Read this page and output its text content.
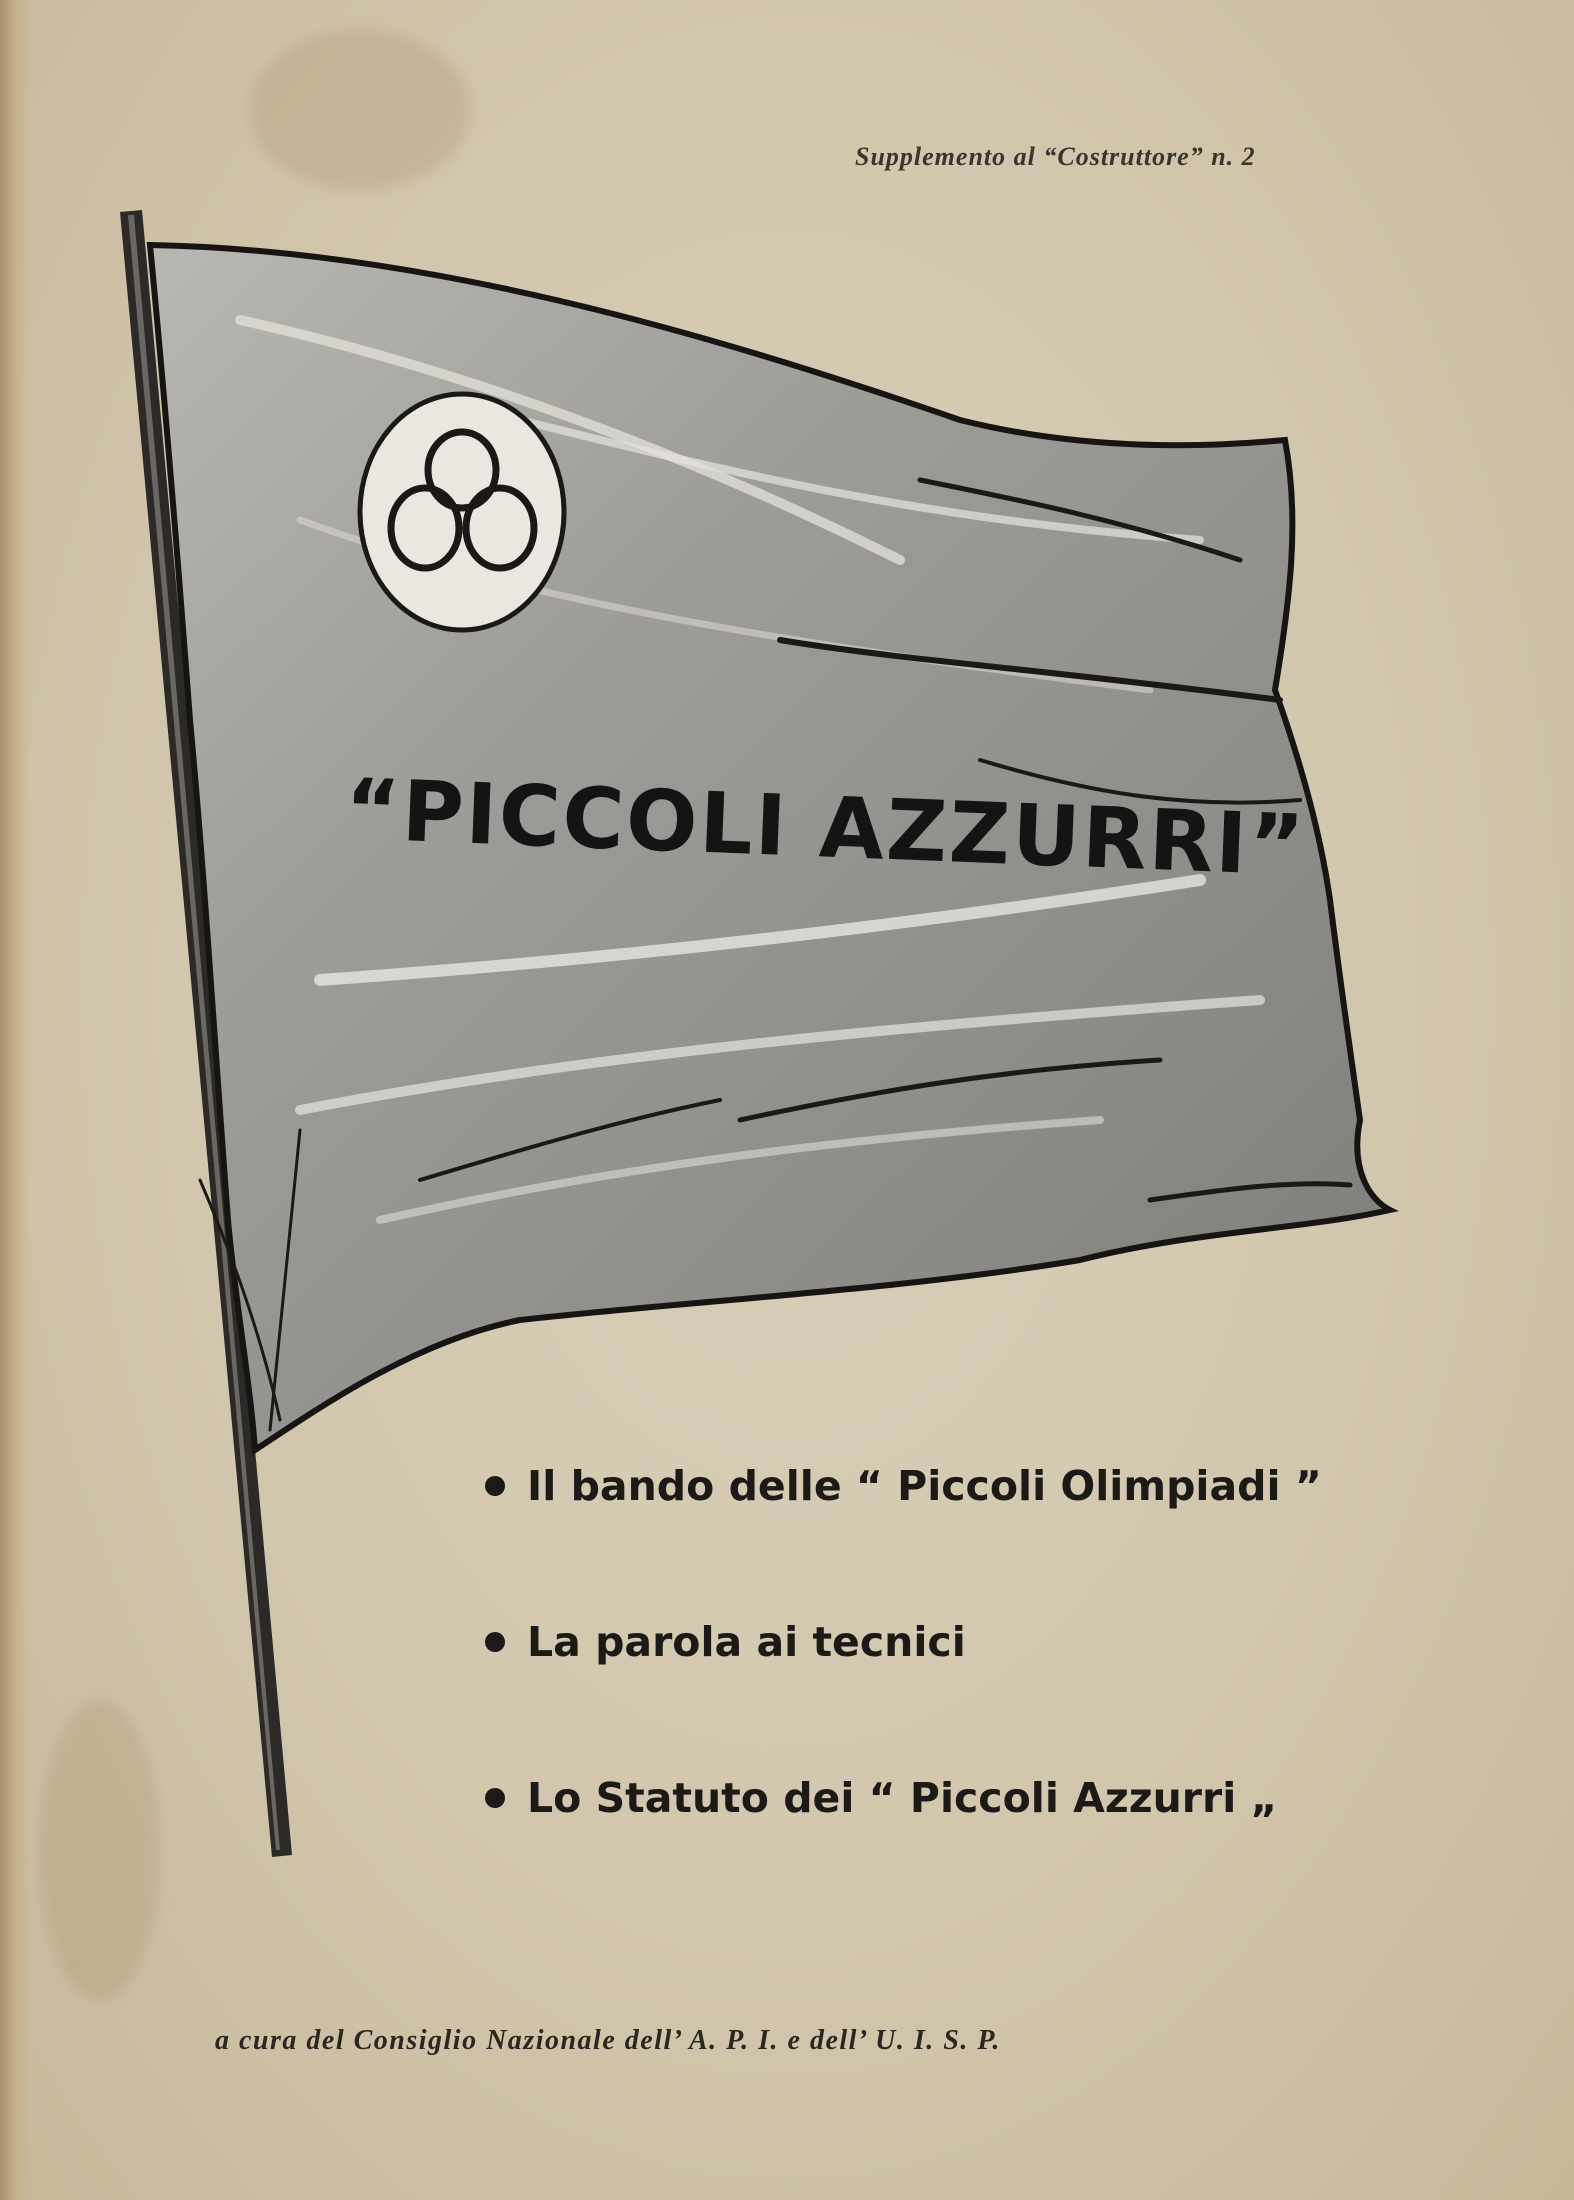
Supplemento al “Costruttore” n. 2
“PICCOLI AZZURRI”
Il bando delle “ Piccoli Olimpiadi ”
La parola ai tecnici
Lo Statuto dei “ Piccoli Azzurri „
a cura del Consiglio Nazionale dell’ A. P. I. e dell’ U. I. S. P.
